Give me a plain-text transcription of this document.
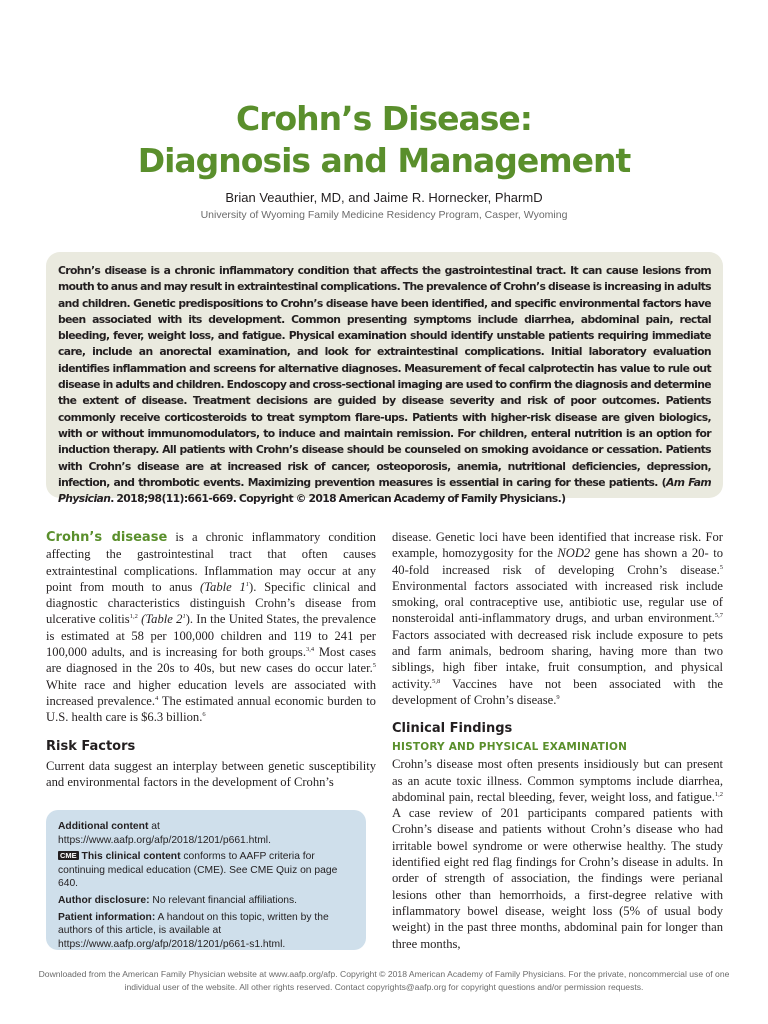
Crohn’s Disease:
Diagnosis and Management
Brian Veauthier, MD, and Jaime R. Hornecker, PharmD
University of Wyoming Family Medicine Residency Program, Casper, Wyoming

Crohn’s disease is a chronic inflammatory condition that affects the gastrointestinal tract. It can cause lesions from mouth to anus and may result in extraintestinal complications. The prevalence of Crohn’s disease is increasing in adults and children. Genetic predispositions to Crohn’s disease have been identified, and specific environmental factors have been associated with its development. Common presenting symptoms include diarrhea, abdominal pain, rectal bleeding, fever, weight loss, and fatigue. Physical examination should identify unstable patients requiring immediate care, include an anorectal examination, and look for extraintestinal complications. Initial laboratory evaluation identifies inflammation and screens for alternative diagnoses. Measurement of fecal calprotectin has value to rule out disease in adults and children. Endoscopy and cross-sectional imaging are used to confirm the diagnosis and determine the extent of disease. Treatment decisions are guided by disease severity and risk of poor outcomes. Patients commonly receive corticosteroids to treat symptom flare-ups. Patients with higher-risk disease are given biologics, with or without immunomodulators, to induce and maintain remission. For children, enteral nutrition is an option for induction therapy. All patients with Crohn’s disease should be counseled on smoking avoidance or cessation. Patients with Crohn’s disease are at increased risk of cancer, osteoporosis, anemia, nutritional deficiencies, depression, infection, and thrombotic events. Maximizing prevention measures is essential in caring for these patients. (Am Fam Physician. 2018;98(11):661-669. Copyright © 2018 American Academy of Family Physicians.)

Crohn’s disease is a chronic inflammatory condition affecting the gastrointestinal tract that often causes extraintestinal complications. Inflammation may occur at any point from mouth to anus (Table $1^1$). Specific clinical and diagnostic characteristics distinguish Crohn’s disease from ulcerative colitis$^{1,2}$ (Table $2^1$). In the United States, the prevalence is estimated at 58 per 100,000 children and 119 to 241 per 100,000 adults, and is increasing for both groups.$^{3,4}$ Most cases are diagnosed in the 20s to 40s, but new cases do occur later.$^5$ White race and higher education levels are associated with increased prevalence.$^4$ The estimated annual economic burden to U.S. health care is $6.3 billion.$^6$

Risk Factors

Current data suggest an interplay between genetic susceptibility and environmental factors in the development of Crohn’s

Additional content at https://www.aafp.org/afp/2018/1201/p661.html.

CME This clinical content conforms to AAFP criteria for continuing medical education (CME). See CME Quiz on page 640.

Author disclosure: No relevant financial affiliations.

Patient information: A handout on this topic, written by the authors of this article, is available at https://www.aafp.org/afp/2018/1201/p661-s1.html.

disease. Genetic loci have been identified that increase risk. For example, homozygosity for the NOD2 gene has shown a 20- to 40-fold increased risk of developing Crohn’s disease.$^5$ Environmental factors associated with increased risk include smoking, oral contraceptive use, antibiotic use, regular use of nonsteroidal anti-inflammatory drugs, and urban environment.$^{5,7}$ Factors associated with decreased risk include exposure to pets and farm animals, bedroom sharing, having more than two siblings, high fiber intake, fruit consumption, and physical activity.$^{5,8}$ Vaccines have not been associated with the development of Crohn’s disease.$^9$

Clinical Findings
HISTORY AND PHYSICAL EXAMINATION

Crohn’s disease most often presents insidiously but can present as an acute toxic illness. Common symptoms include diarrhea, abdominal pain, rectal bleeding, fever, weight loss, and fatigue.$^{1,2}$ A case review of 201 participants compared patients with Crohn’s disease and patients without Crohn’s disease who had irritable bowel syndrome or were otherwise healthy. The study identified eight red flag findings for Crohn’s disease in adults. In order of strength of association, the findings were perianal lesions other than hemorrhoids, a first-degree relative with inflammatory bowel disease, weight loss (5% of usual body weight) in the past three months, abdominal pain for longer than three months,

Downloaded from the American Family Physician website at www.aafp.org/afp. Copyright © 2018 American Academy of Family Physicians. For the private, noncommercial use of one individual user of the website. All other rights reserved. Contact copyrights@aafp.org for copyright questions and/or permission requests.
